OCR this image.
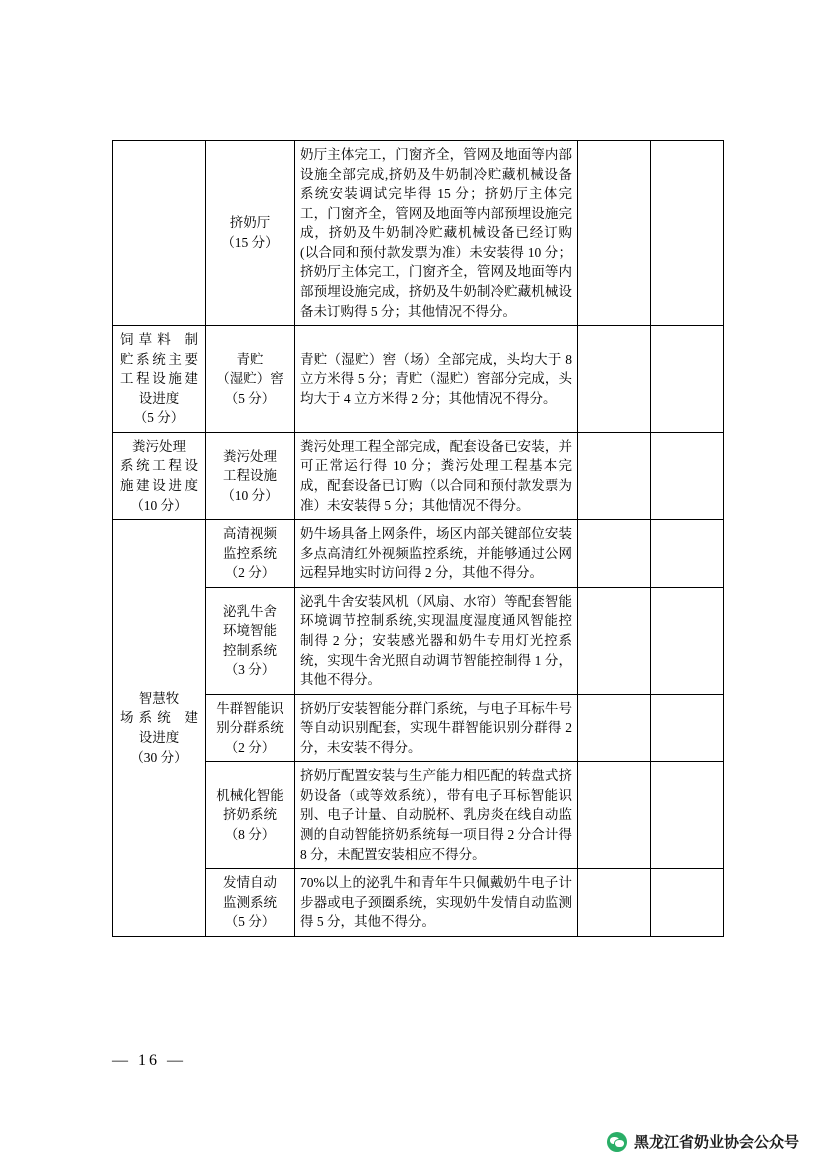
	挤奶厅
（15 分）	奶厅主体完工，门窗齐全，管网及地面等内部设施全部完成,挤奶及牛奶制冷贮藏机械设备系统安装调试完毕得 15 分；挤奶厅主体完工，门窗齐全，管网及地面等内部预埋设施完成，挤奶及牛奶制冷贮藏机械设备已经订购(以合同和预付款发票为准）未安装得 10 分；挤奶厅主体完工，门窗齐全，管网及地面等内部预埋设施完成，挤奶及牛奶制冷贮藏机械设备未订购得 5 分；其他情况不得分。		

饲草料 制
贮系统主要
工程设施建
设进度
（5 分）	青贮
（湿贮）窖
（5 分）	青贮（湿贮）窖（场）全部完成，头均大于 8 立方米得 5 分；青贮（湿贮）窖部分完成，头均大于 4 立方米得 2 分；其他情况不得分。		

粪污处理
系统工程设
施建设进度
（10 分）	粪污处理
工程设施
（10 分）	粪污处理工程全部完成，配套设备已安装，并可正常运行得 10 分；粪污处理工程基本完成，配套设备已订购（以合同和预付款发票为准）未安装得 5 分；其他情况不得分。		

智慧牧
场系统 建
设进度
（30 分）	高清视频
监控系统
（2 分）	奶牛场具备上网条件，场区内部关键部位安装多点高清红外视频监控系统，并能够通过公网远程异地实时访问得 2 分，其他不得分。		

	泌乳牛舍
环境智能
控制系统
（3 分）	泌乳牛舍安装风机（风扇、水帘）等配套智能环境调节控制系统,实现温度湿度通风智能控制得 2 分；安装感光器和奶牛专用灯光控系统，实现牛舍光照自动调节智能控制得 1 分，其他不得分。		

	牛群智能识
别分群系统
（2 分）	挤奶厅安装智能分群门系统，与电子耳标牛号等自动识别配套，实现牛群智能识别分群得 2 分，未安装不得分。		

	机械化智能
挤奶系统
（8 分）	挤奶厅配置安装与生产能力相匹配的转盘式挤奶设备（或等效系统），带有电子耳标智能识别、电子计量、自动脱杯、乳房炎在线自动监测的自动智能挤奶系统每一项目得 2 分合计得 8 分，未配置安装相应不得分。		

	发情自动
监测系统
（5 分）	70%以上的泌乳牛和青年牛只佩戴奶牛电子计步器或电子颈圈系统，实现奶牛发情自动监测得 5 分，其他不得分。		
— 16 —
黑龙江省奶业协会公众号
